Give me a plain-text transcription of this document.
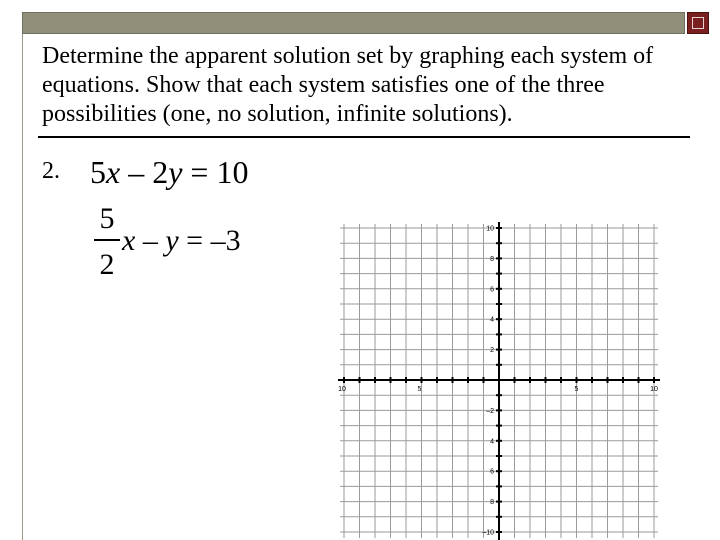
Determine the apparent solution set by graphing each system of equations. Show that each system satisfies one of the three possibilities (one, no solution, infinite solutions).
2. 5x – 2y = 10
5
2
x – y = –3
10	5	5	10
10
8
6
4
2
–2
4
6
8
–10
